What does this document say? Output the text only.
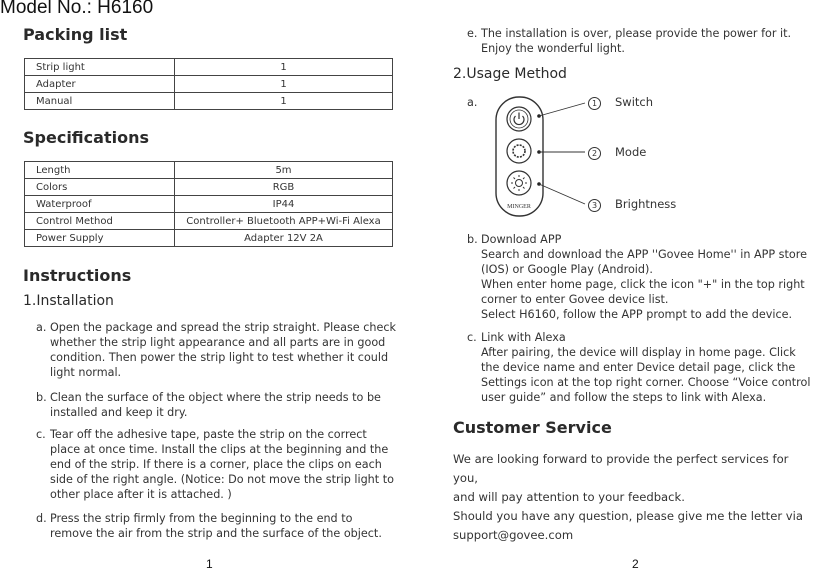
Model No.: H6160
Packing list
Strip light	1
Adapter	1
Manual	1
Specifications
Length	5m
Colors	RGB
Waterproof	IP44
Control Method	Controller+ Bluetooth APP+Wi-Fi Alexa
Power Supply	Adapter 12V 2A
Instructions
1.Installation
a. Open the package and spread the strip straight. Please check whether the strip light appearance and all parts are in good condition. Then power the strip light to test whether it could light normal.
b. Clean the surface of the object where the strip needs to be installed and keep it dry.
c. Tear off the adhesive tape, paste the strip on the correct place at once time. Install the clips at the beginning and the end of the strip. If there is a corner, place the clips on each side of the right angle. (Notice: Do not move the strip light to other place after it is attached. )
d. Press the strip firmly from the beginning to the end to remove the air from the strip and the surface of the object.
1
e. The installation is over, please provide the power for it. Enjoy the wonderful light.
2.Usage Method
a.
MINGER
1 Switch
2 Mode
3 Brightness
b. Download APP
Search and download the APP ''Govee Home'' in APP store
(IOS) or Google Play (Android).
When enter home page, click the icon "+" in the top right
corner to enter Govee device list.
Select H6160, follow the APP prompt to add the device.
c. Link with Alexa
After pairing, the device will display in home page. Click
the device name and enter Device detail page, click the
Settings icon at the top right corner. Choose “Voice control
user guide” and follow the steps to link with Alexa.
Customer Service
We are looking forward to provide the perfect services for you,
and will pay attention to your feedback.
Should you have any question, please give me the letter via
support@govee.com
2
